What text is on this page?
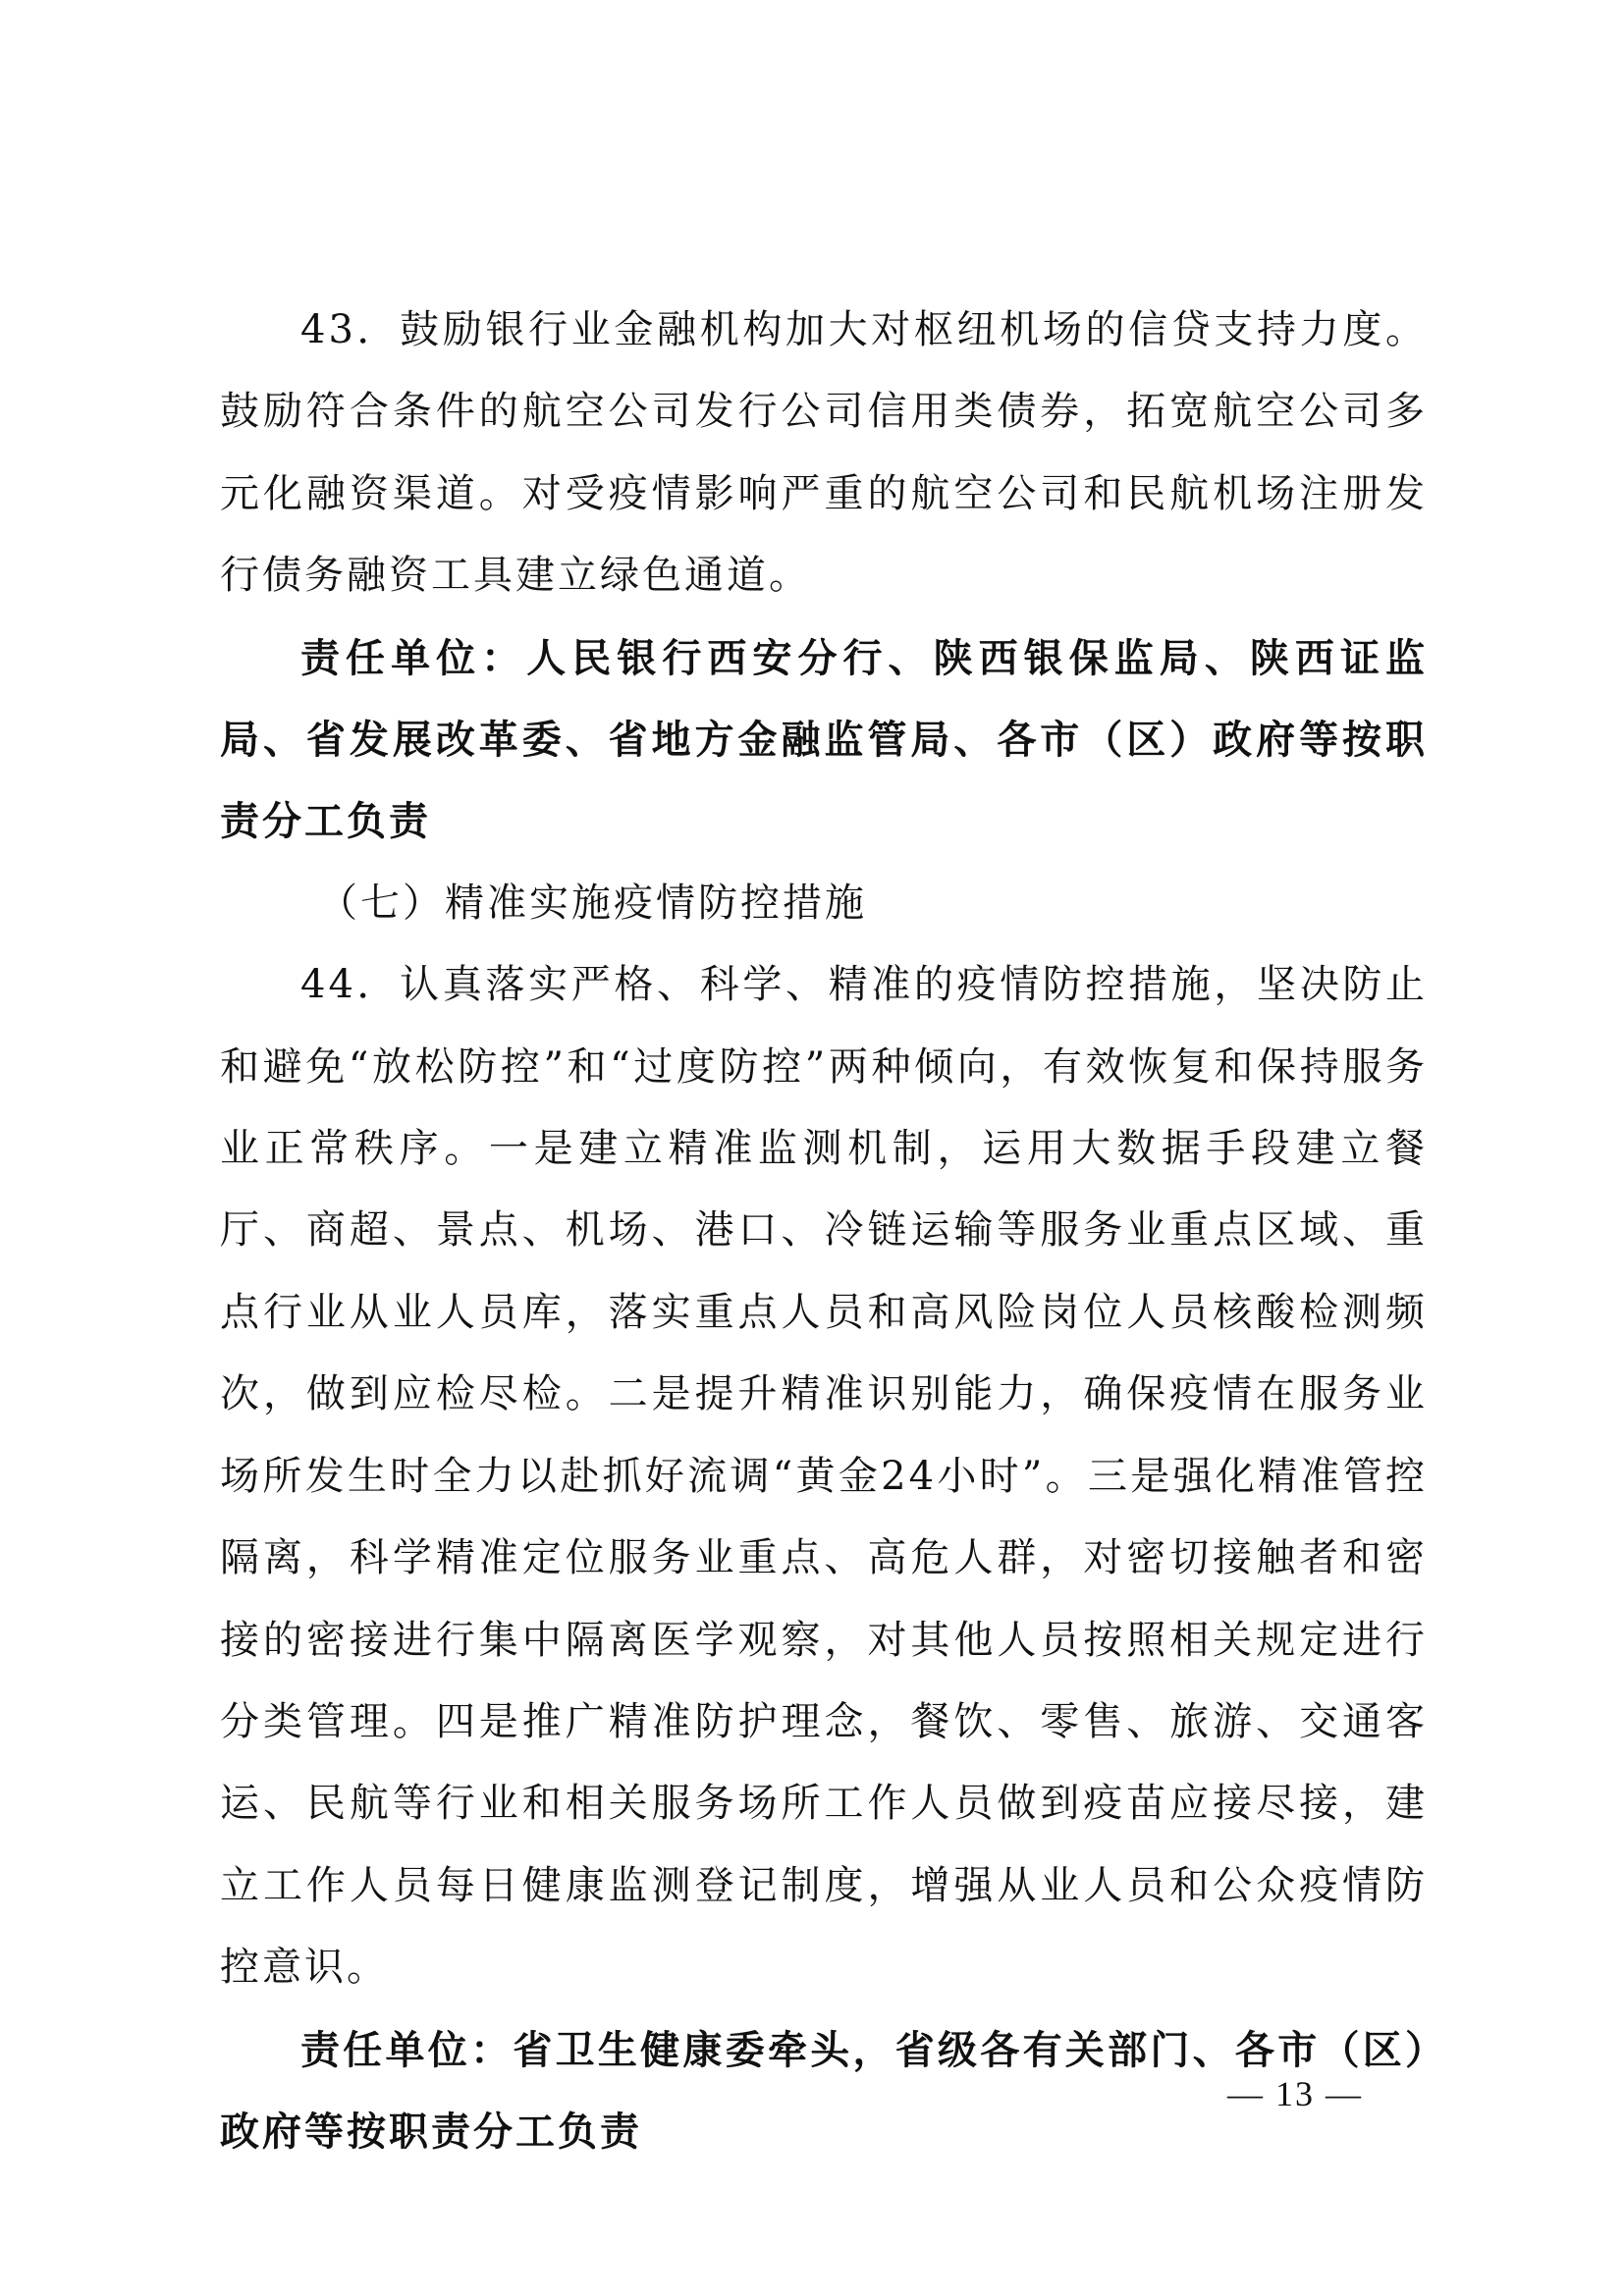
43．鼓励银行业金融机构加大对枢纽机场的信贷支持力度。鼓励符合条件的航空公司发行公司信用类债券，拓宽航空公司多元化融资渠道。对受疫情影响严重的航空公司和民航机场注册发行债务融资工具建立绿色通道。

责任单位：人民银行西安分行、陕西银保监局、陕西证监局、省发展改革委、省地方金融监管局、各市（区）政府等按职责分工负责

（七）精准实施疫情防控措施

44．认真落实严格、科学、精准的疫情防控措施，坚决防止和避免“放松防控”和“过度防控”两种倾向，有效恢复和保持服务业正常秩序。一是建立精准监测机制，运用大数据手段建立餐厅、商超、景点、机场、港口、冷链运输等服务业重点区域、重点行业从业人员库，落实重点人员和高风险岗位人员核酸检测频次，做到应检尽检。二是提升精准识别能力，确保疫情在服务业场所发生时全力以赴抓好流调“黄金24小时”。三是强化精准管控隔离，科学精准定位服务业重点、高危人群，对密切接触者和密接的密接进行集中隔离医学观察，对其他人员按照相关规定进行分类管理。四是推广精准防护理念，餐饮、零售、旅游、交通客运、民航等行业和相关服务场所工作人员做到疫苗应接尽接，建立工作人员每日健康监测登记制度，增强从业人员和公众疫情防控意识。

责任单位：省卫生健康委牵头，省级各有关部门、各市（区）政府等按职责分工负责

— 13 —
